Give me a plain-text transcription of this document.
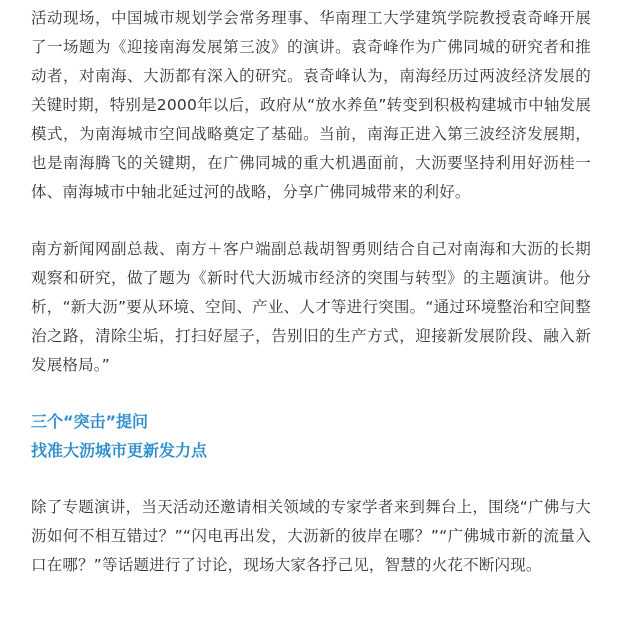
活动现场，中国城市规划学会常务理事、华南理工大学建筑学院教授袁奇峰开展了一场题为《迎接南海发展第三波》的演讲。袁奇峰作为广佛同城的研究者和推动者，对南海、大沥都有深入的研究。袁奇峰认为，南海经历过两波经济发展的关键时期，特别是2000年以后，政府从“放水养鱼”转变到积极构建城市中轴发展模式，为南海城市空间战略奠定了基础。当前，南海正进入第三波经济发展期，也是南海腾飞的关键期，在广佛同城的重大机遇面前，大沥要坚持利用好沥桂一体、南海城市中轴北延过河的战略，分享广佛同城带来的利好。

南方新闻网副总裁、南方＋客户端副总裁胡智勇则结合自己对南海和大沥的长期观察和研究，做了题为《新时代大沥城市经济的突围与转型》的主题演讲。他分析，“新大沥”要从环境、空间、产业、人才等进行突围。“通过环境整治和空间整治之路，清除尘垢，打扫好屋子，告别旧的生产方式，迎接新发展阶段、融入新发展格局。”

三个“突击”提问
找准大沥城市更新发力点

除了专题演讲，当天活动还邀请相关领域的专家学者来到舞台上，围绕“广佛与大沥如何不相互错过？”“闪电再出发，大沥新的彼岸在哪？”“广佛城市新的流量入口在哪？”等话题进行了讨论，现场大家各抒己见，智慧的火花不断闪现。
